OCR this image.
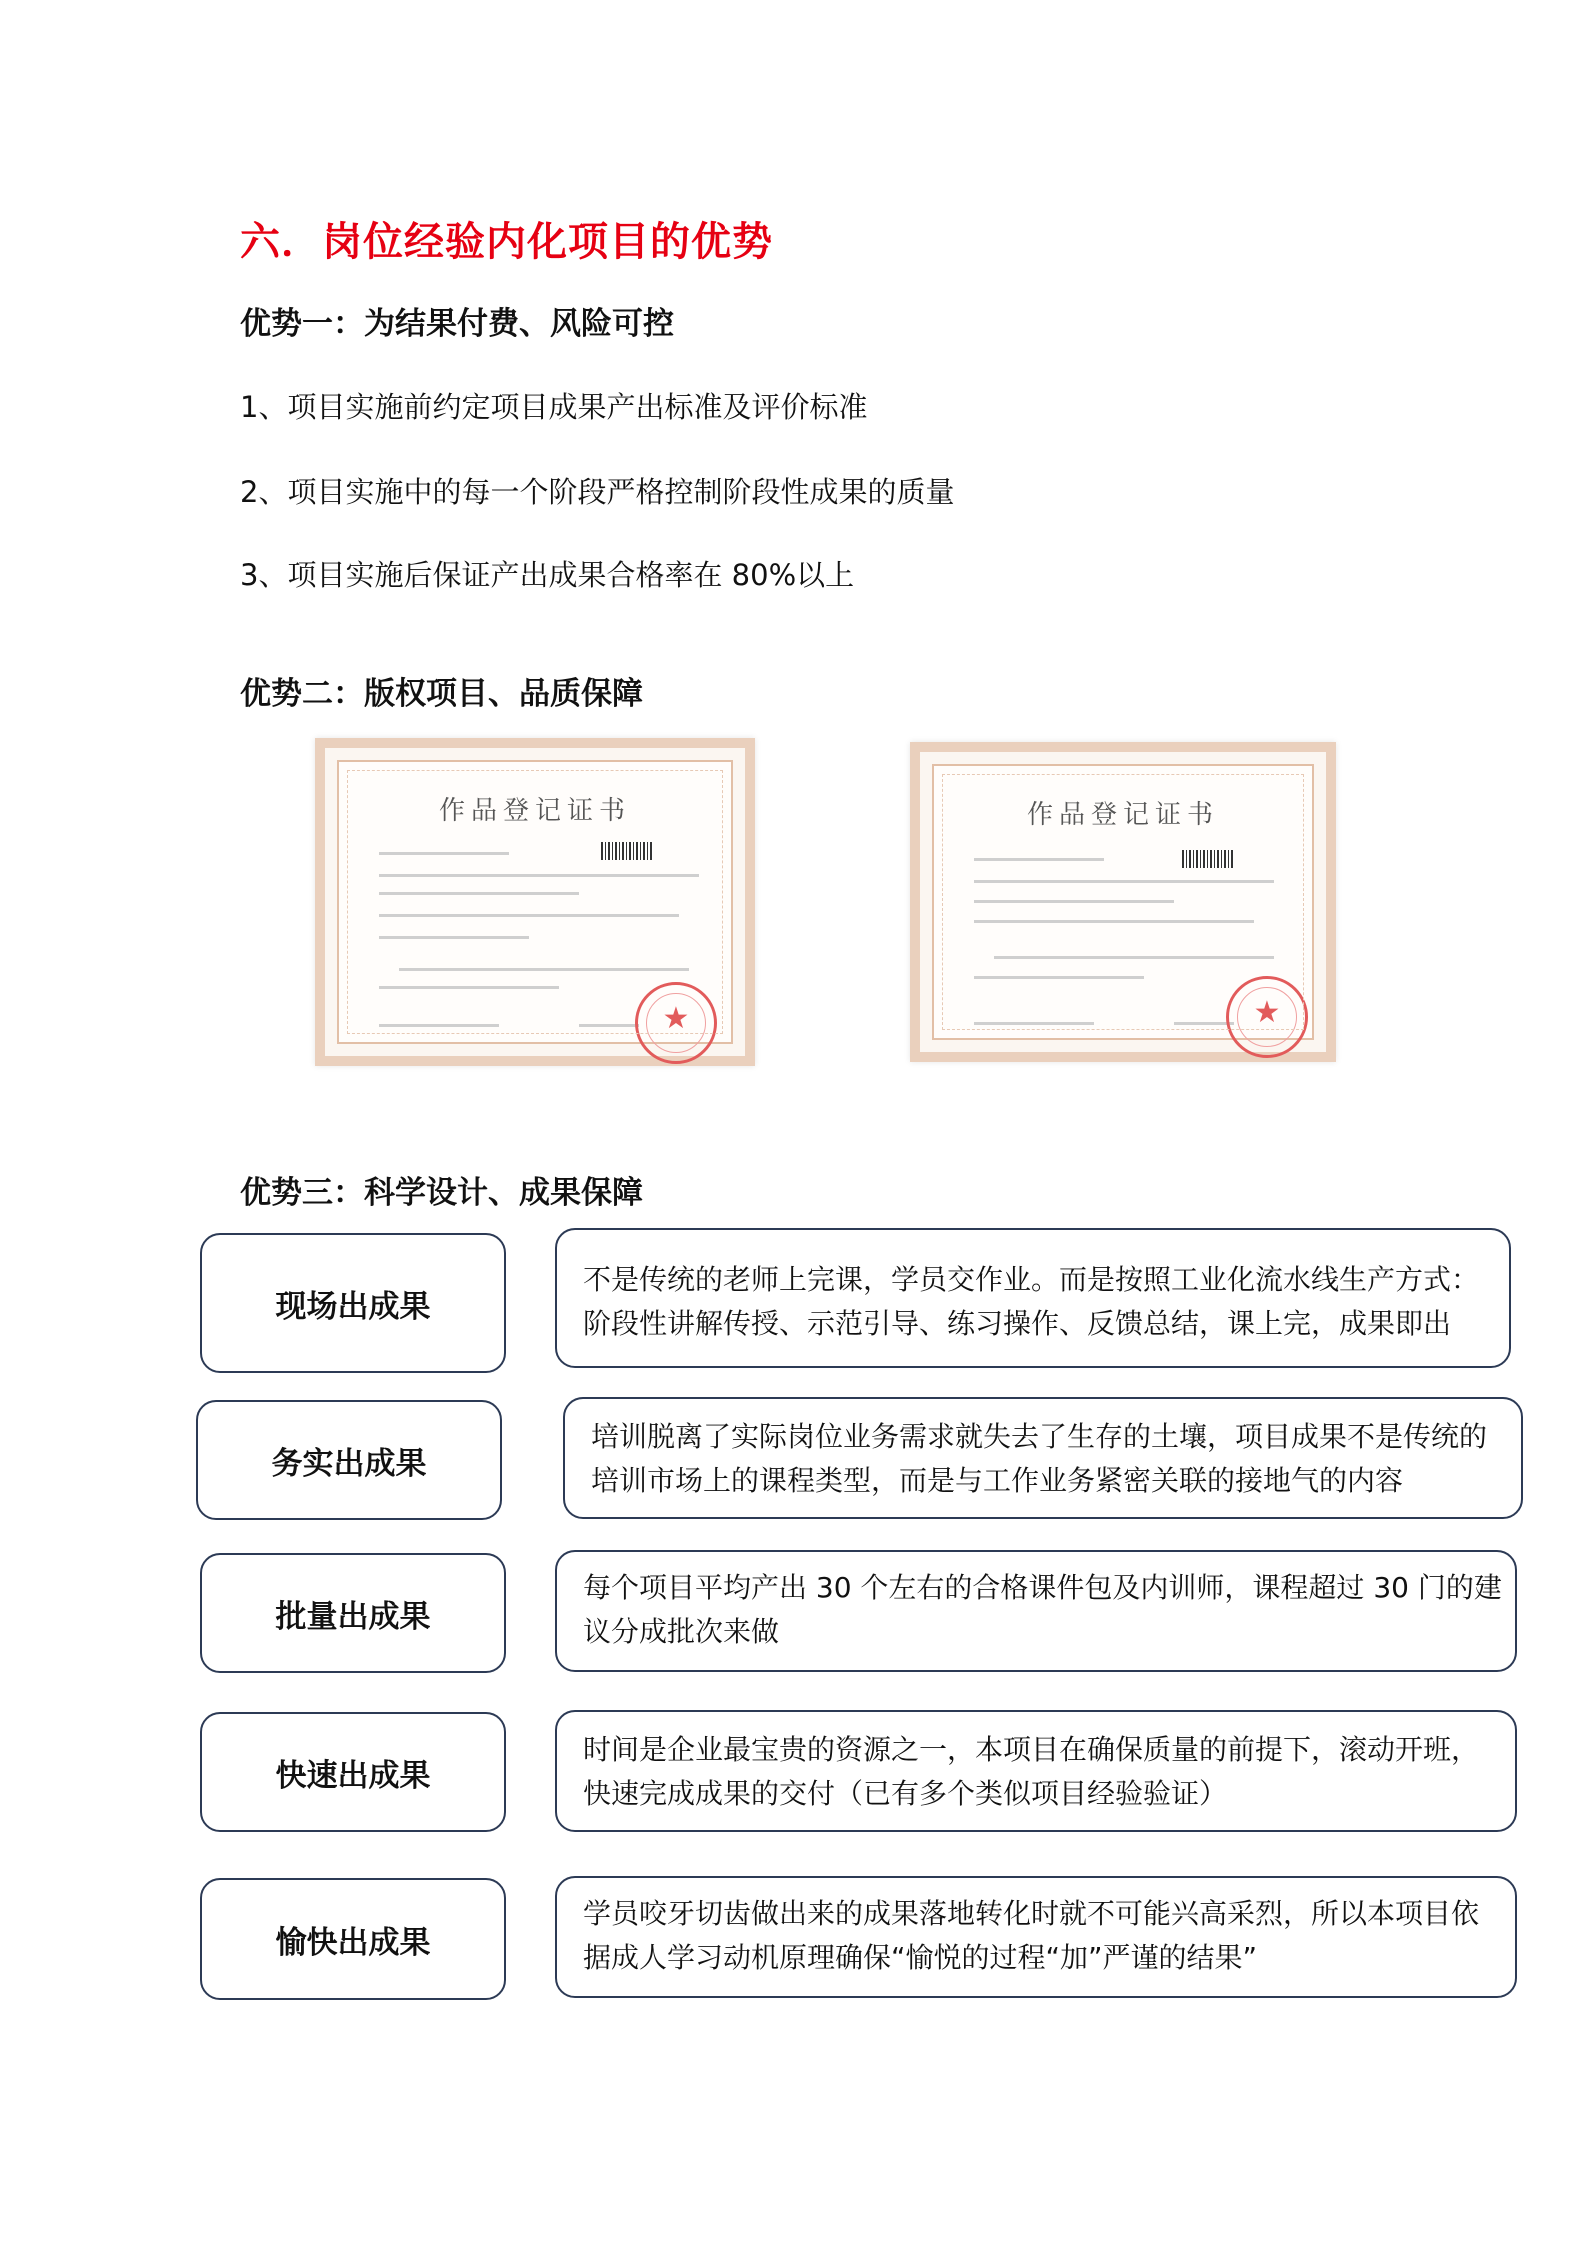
六．岗位经验内化项目的优势
优势一：为结果付费、风险可控
1、项目实施前约定项目成果产出标准及评价标准
2、项目实施中的每一个阶段严格控制阶段性成果的质量
3、项目实施后保证产出成果合格率在 80%以上
优势二：版权项目、品质保障
作品登记证书
★	作品登记证书
★
优势三：科学设计、成果保障
现场出成果
不是传统的老师上完课，学员交作业。而是按照工业化流水线生产方式：
阶段性讲解传授、示范引导、练习操作、反馈总结，课上完，成果即出
务实出成果
培训脱离了实际岗位业务需求就失去了生存的土壤，项目成果不是传统的
培训市场上的课程类型，而是与工作业务紧密关联的接地气的内容
批量出成果
每个项目平均产出 30 个左右的合格课件包及内训师，课程超过 30 门的建
议分成批次来做
快速出成果
时间是企业最宝贵的资源之一，本项目在确保质量的前提下，滚动开班，
快速完成成果的交付（已有多个类似项目经验验证）
愉快出成果
学员咬牙切齿做出来的成果落地转化时就不可能兴高采烈，所以本项目依
据成人学习动机原理确保“愉悦的过程“加”严谨的结果”
